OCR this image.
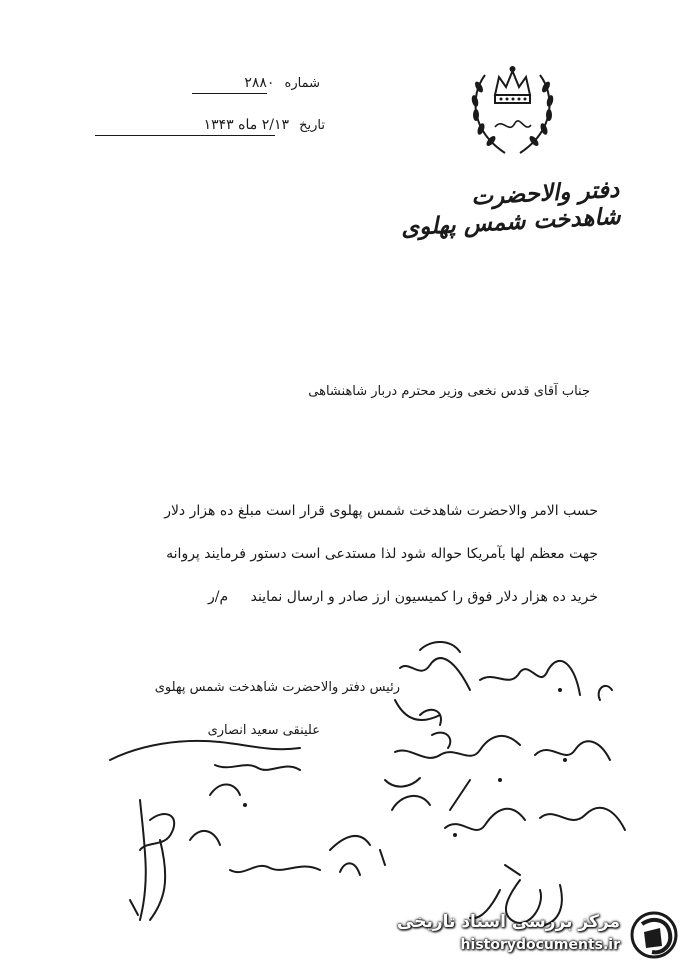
شماره ۲۸۸۰
تاریخ ۲/۱۳ ماه ۱۳۴۳
دفتر والاحضرت شاهدخت شمس پهلوی
جناب آقای قدس نخعی وزیر محترم دربار شاهنشاهی

حسب الامر والاحضرت شاهدخت شمس پهلوی قرار است مبلغ ده هزار دلار

جهت معظم لها بآمریکا حواله شود لذا مستدعی است دستور فرمایند پروانه

خرید ده هزار دلار فوق را کمیسیون ارز صادر و ارسال نمایند م/ر

رئیس دفتر والاحضرت شاهدخت شمس پهلوی
علینقی سعید انصاری
مرکز بررسی اسناد تاریخی
historydocuments.ir
